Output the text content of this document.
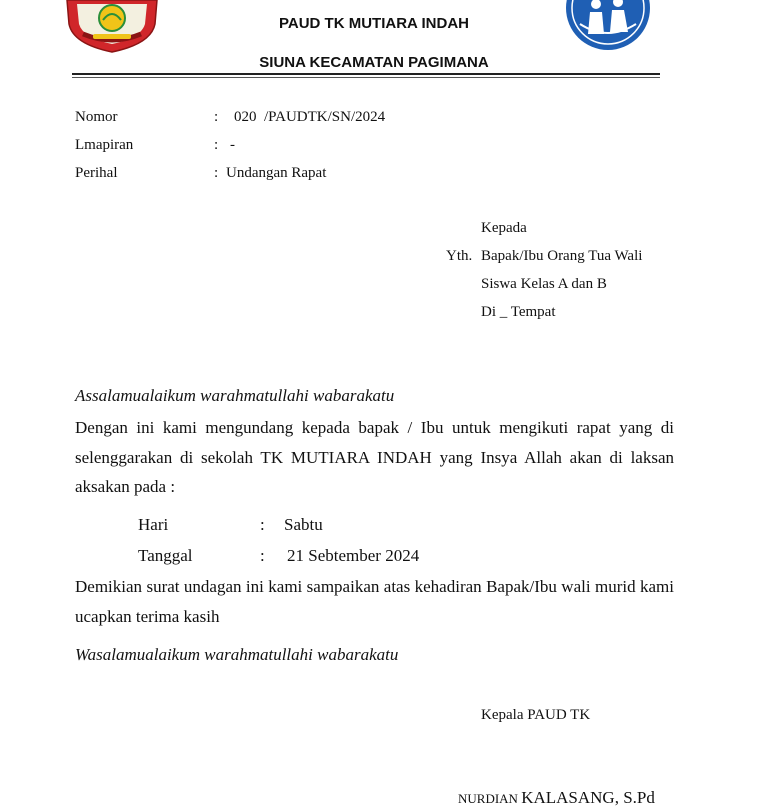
PAUD TK MUTIARA INDAH
SIUNA KECAMATAN PAGIMANA
Nomor	: 020  /PAUDTK/SN/2024
Lmapiran	: -
Perihal	: Undangan Rapat
Kepada
Yth. Bapak/Ibu Orang Tua Wali
Siswa Kelas A dan B
Di _ Tempat
Assalamualaikum warahmatullahi wabarakatu
Dengan ini kami mengundang kepada bapak / Ibu untuk mengikuti rapat yang di selenggarakan di sekolah TK MUTIARA INDAH yang Insya Allah akan di laksan aksakan pada :
Hari	: Sabtu
Tanggal	: 21 Sebtember 2024
Demikian surat undagan ini kami sampaikan atas kehadiran Bapak/Ibu wali murid kami ucapkan terima kasih
Wasalamualaikum warahmatullahi wabarakatu
Kepala PAUD TK
NURDIAN KALASANG, S.Pd
